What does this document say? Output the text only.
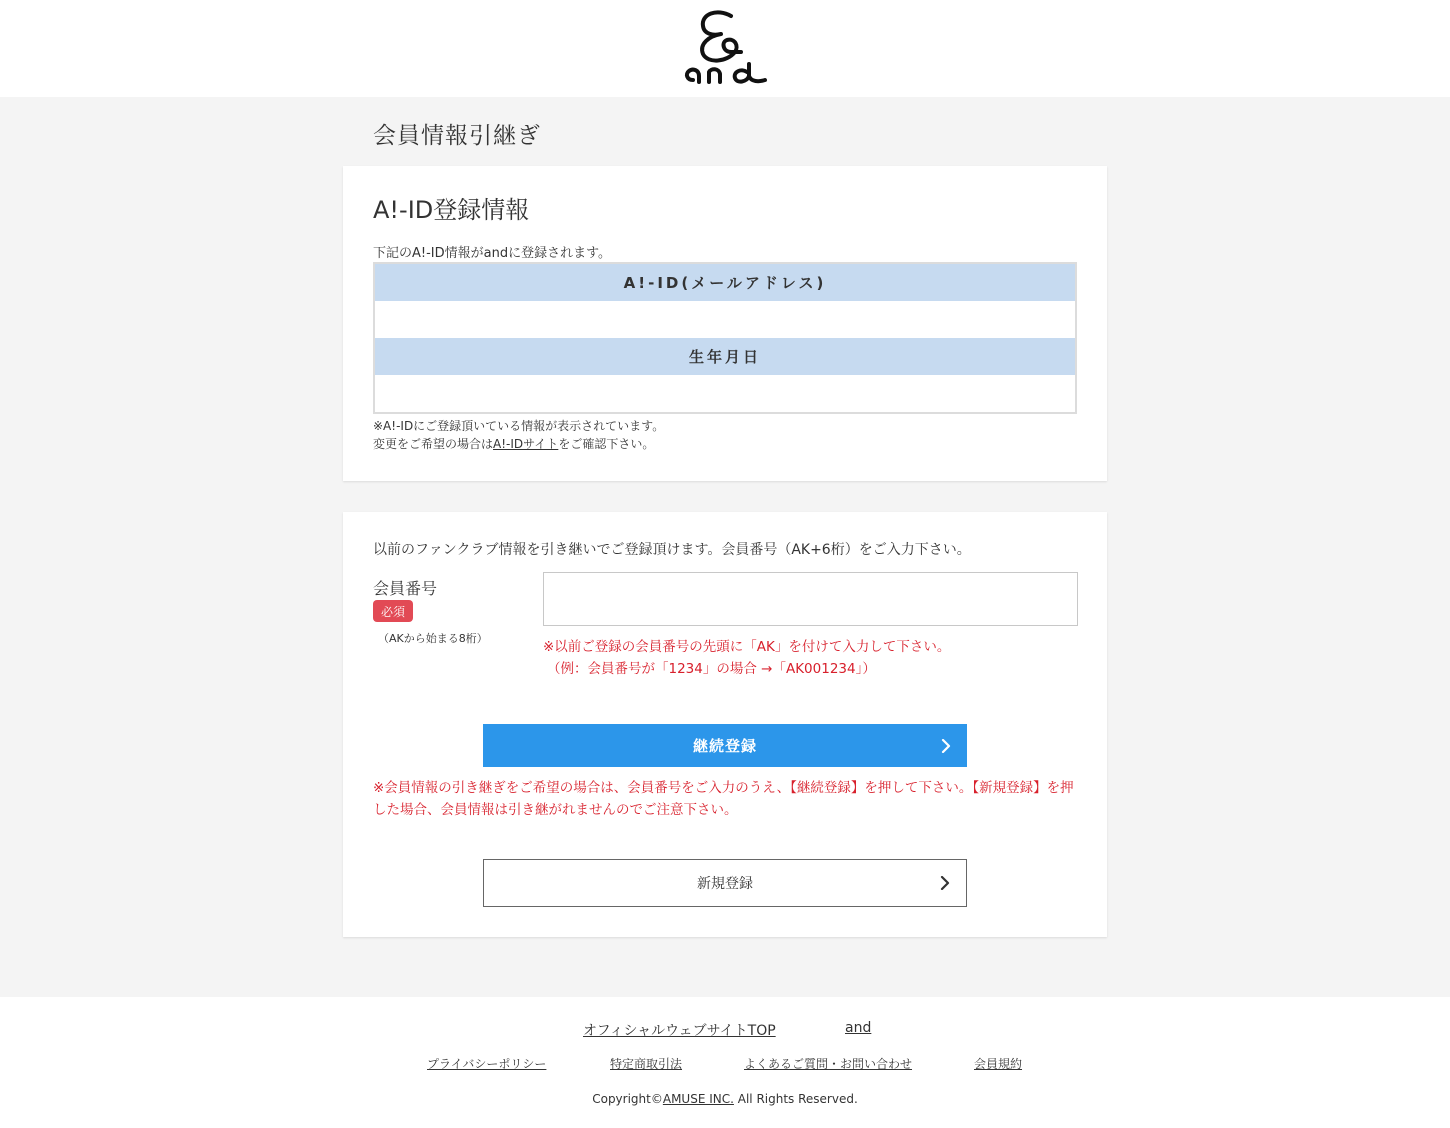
会員情報引継ぎ
A!-ID登録情報
下記のA!-ID情報がandに登録されます。
A!-ID(メールアドレス)
生年月日
※A!-IDにご登録頂いている情報が表示されています。
変更をご希望の場合はA!-IDサイトをご確認下さい。
以前のファンクラブ情報を引き継いでご登録頂けます。会員番号（AK+6桁）をご入力下さい。
会員番号
必須
（AKから始まる8桁）
※以前ご登録の会員番号の先頭に「AK」を付けて入力して下さい。
（例：会員番号が「1234」の場合 →「AK001234」）
継続登録
※会員情報の引き継ぎをご希望の場合は、会員番号をご入力のうえ、【継続登録】を押して下さい。【新規登録】を押した場合、会員情報は引き継がれませんのでご注意下さい。
新規登録
オフィシャルウェブサイトTOP	and
プライバシーポリシー	特定商取引法	よくあるご質問・お問い合わせ	会員規約
Copyright©AMUSE INC. All Rights Reserved.
